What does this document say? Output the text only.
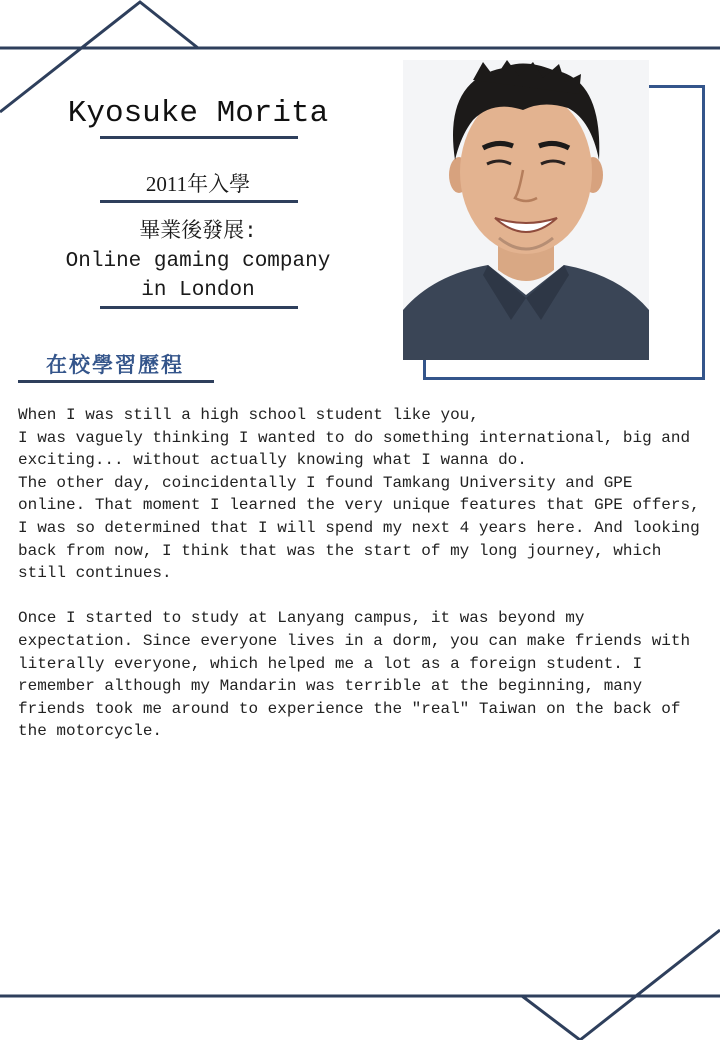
Kyosuke Morita
2011年入學
畢業後發展:
Online gaming company
in London
在校學習歷程

When I was still a high school student like you,
I was vaguely thinking I wanted to do something international, big and exciting... without actually knowing what I wanna do.
The other day, coincidentally I found Tamkang University and GPE online. That moment I learned the very unique features that GPE offers, I was so determined that I will spend my next 4 years here. And looking back from now, I think that was the start of my long journey, which still continues.

Once I started to study at Lanyang campus, it was beyond my expectation. Since everyone lives in a dorm, you can make friends with literally everyone, which helped me a lot as a foreign student. I remember although my Mandarin was terrible at the beginning, many friends took me around to experience the "real" Taiwan on the back of the motorcycle.
